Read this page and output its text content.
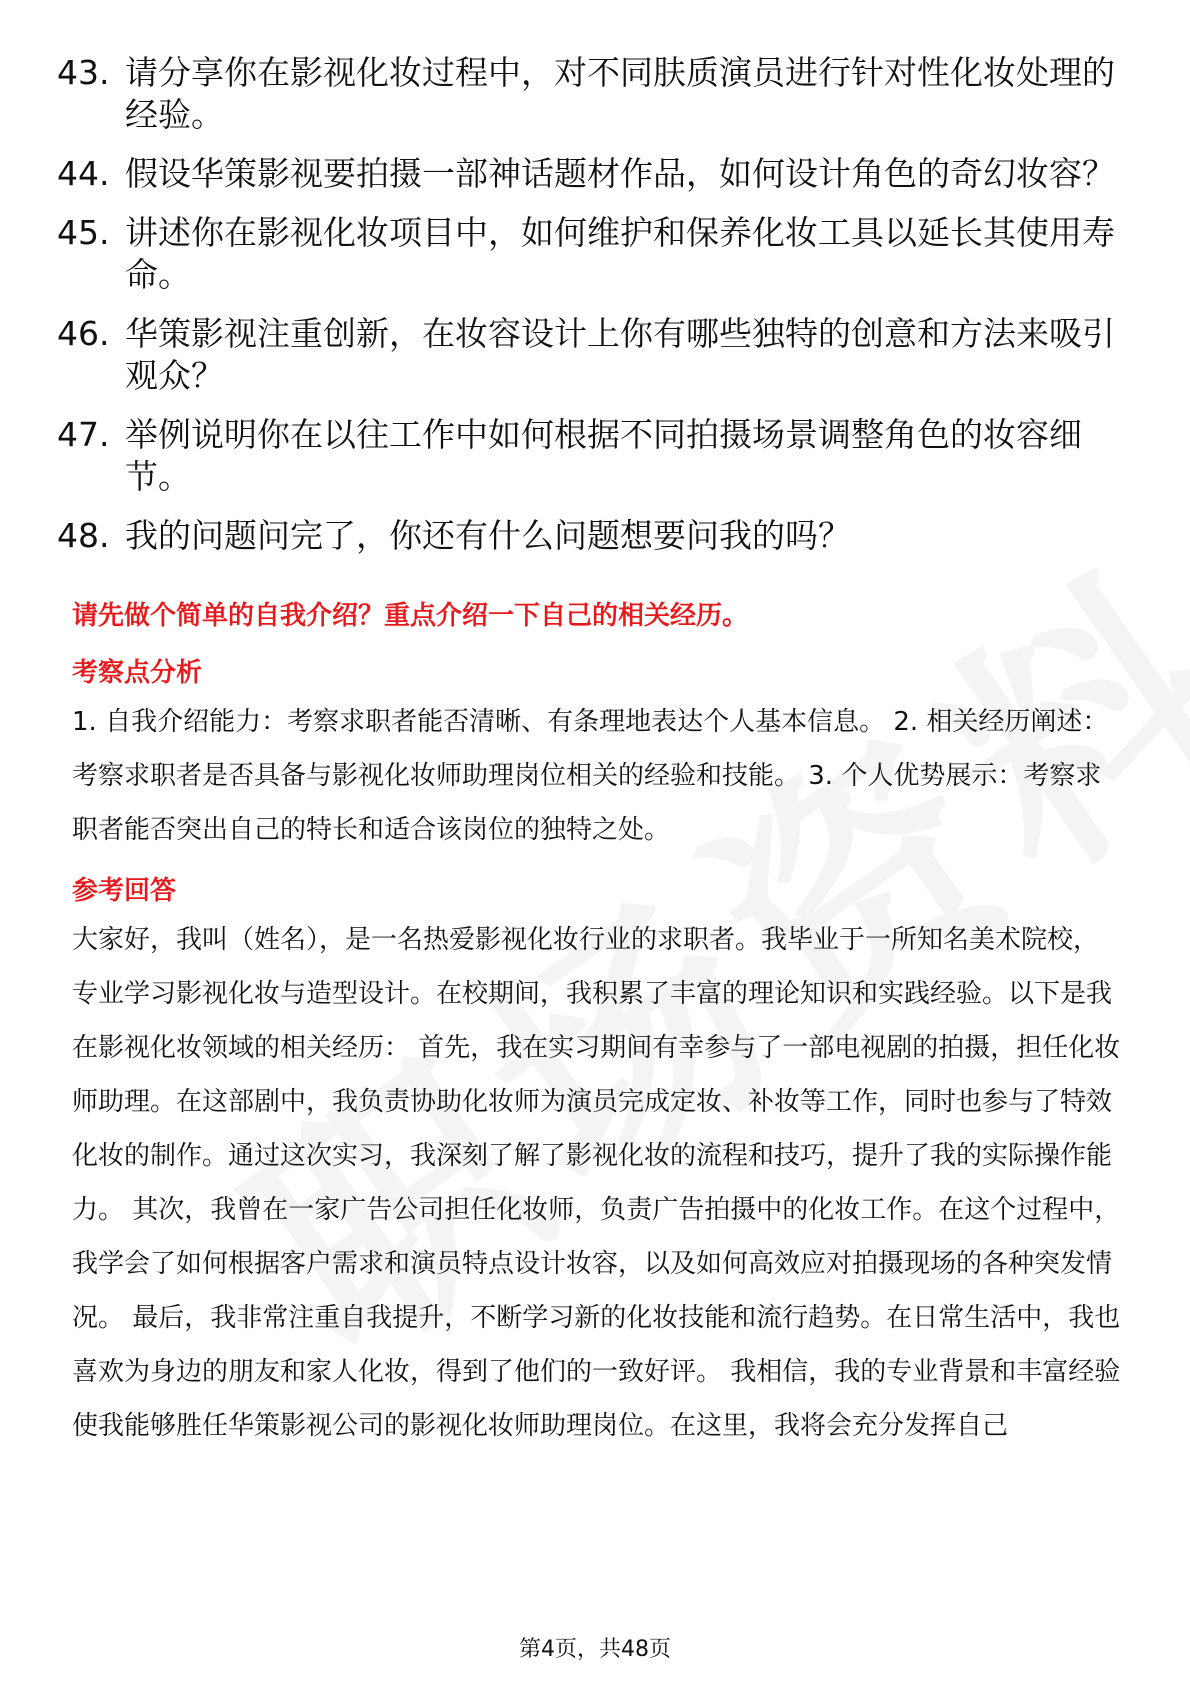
43. 请分享你在影视化妆过程中，对不同肤质演员进行针对性化妆处理的经验。
44. 假设华策影视要拍摄一部神话题材作品，如何设计角色的奇幻妆容？
45. 讲述你在影视化妆项目中，如何维护和保养化妆工具以延长其使用寿命。
46. 华策影视注重创新，在妆容设计上你有哪些独特的创意和方法来吸引观众？
47. 举例说明你在以往工作中如何根据不同拍摄场景调整角色的妆容细节。
48. 我的问题问完了，你还有什么问题想要问我的吗？
请先做个简单的自我介绍？重点介绍一下自己的相关经历。
考察点分析
1. 自我介绍能力：考察求职者能否清晰、有条理地表达个人基本信息。 2. 相关经历阐述：考察求职者是否具备与影视化妆师助理岗位相关的经验和技能。 3. 个人优势展示：考察求职者能否突出自己的特长和适合该岗位的独特之处。
参考回答
大家好，我叫（姓名），是一名热爱影视化妆行业的求职者。我毕业于一所知名美术院校，专业学习影视化妆与造型设计。在校期间，我积累了丰富的理论知识和实践经验。以下是我在影视化妆领域的相关经历： 首先，我在实习期间有幸参与了一部电视剧的拍摄，担任化妆师助理。在这部剧中，我负责协助化妆师为演员完成定妆、补妆等工作，同时也参与了特效化妆的制作。通过这次实习，我深刻了解了影视化妆的流程和技巧，提升了我的实际操作能力。 其次，我曾在一家广告公司担任化妆师，负责广告拍摄中的化妆工作。在这个过程中，我学会了如何根据客户需求和演员特点设计妆容，以及如何高效应对拍摄现场的各种突发情况。 最后，我非常注重自我提升，不断学习新的化妆技能和流行趋势。在日常生活中，我也喜欢为身边的朋友和家人化妆，得到了他们的一致好评。 我相信，我的专业背景和丰富经验使我能够胜任华策影视公司的影视化妆师助理岗位。在这里，我将会充分发挥自己
第4页，共48页
